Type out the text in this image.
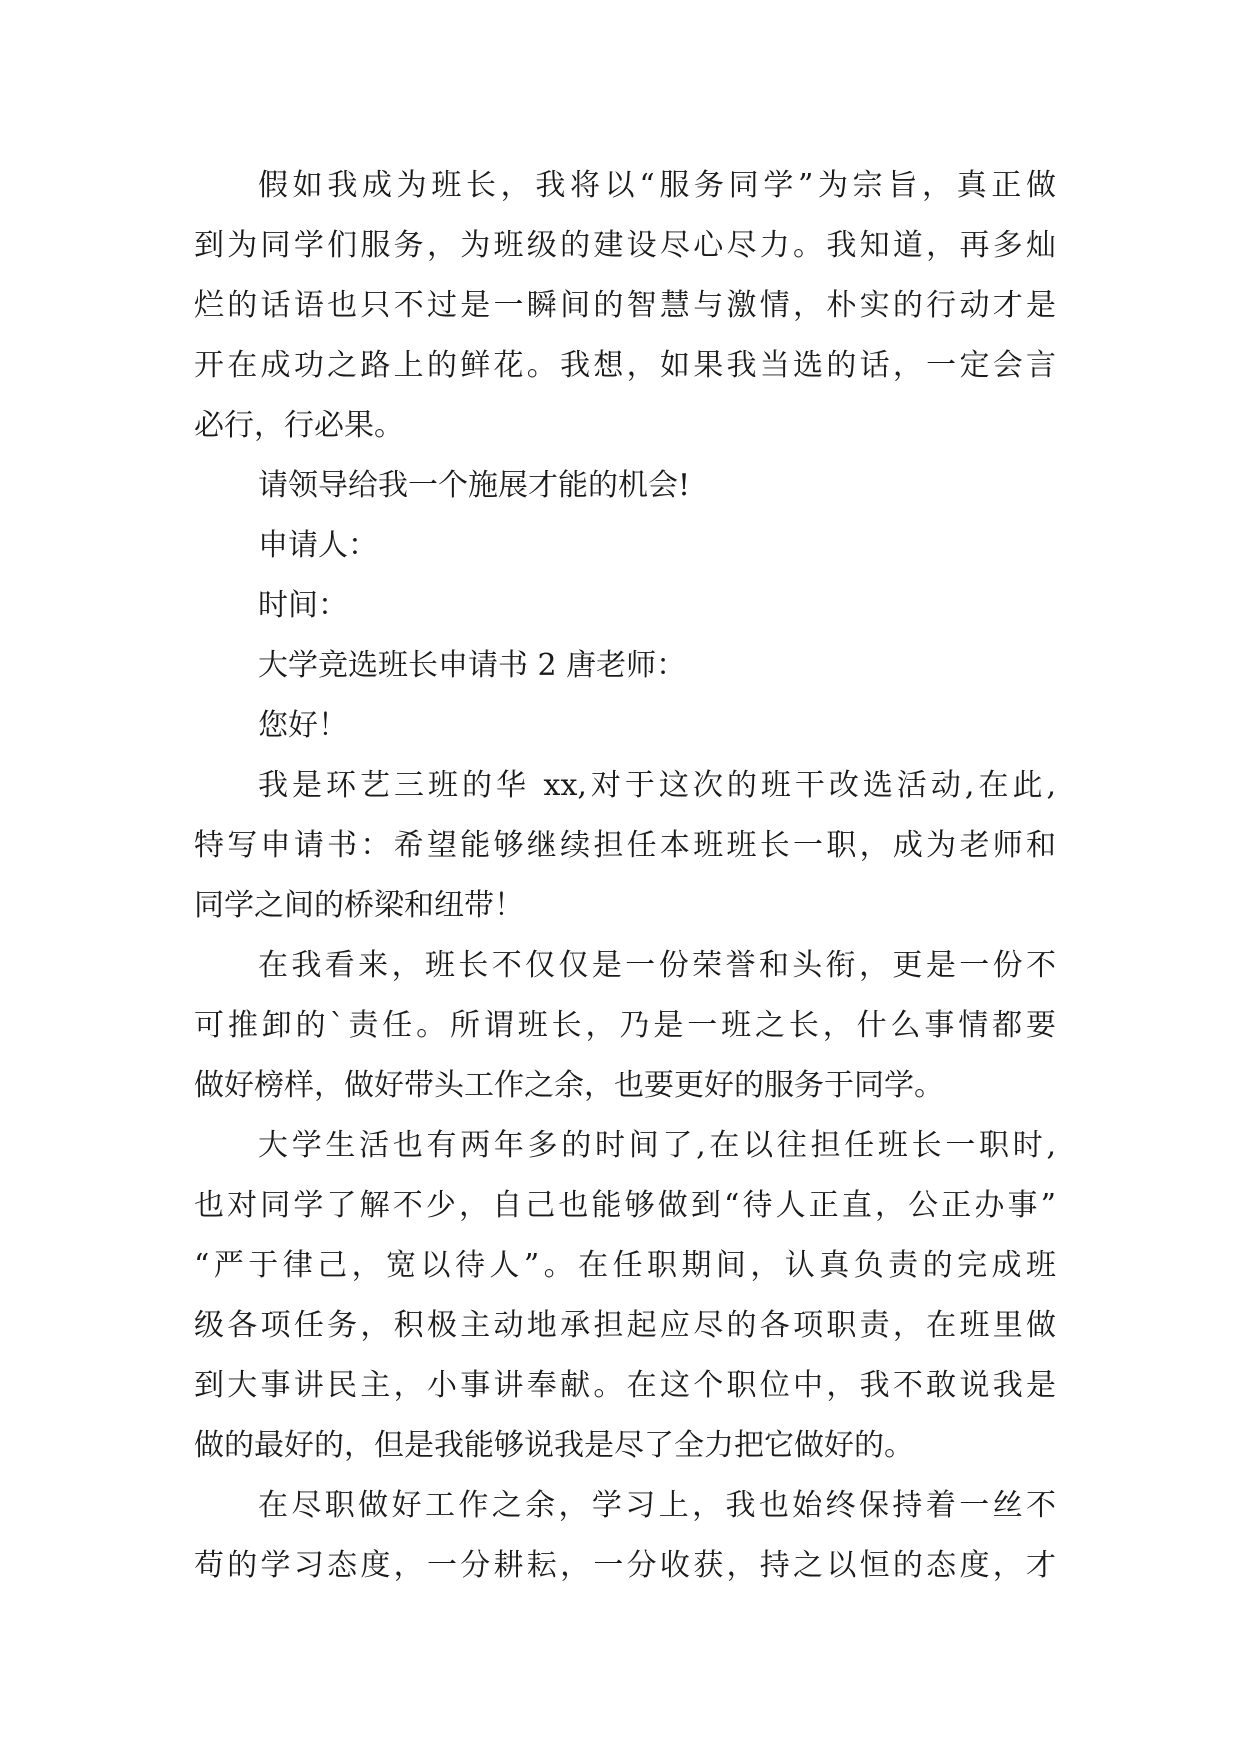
假如我成为班长，我将以“服务同学”为宗旨，真正做
到为同学们服务，为班级的建设尽心尽力。我知道，再多灿
烂的话语也只不过是一瞬间的智慧与激情，朴实的行动才是
开在成功之路上的鲜花。我想，如果我当选的话，一定会言
必行，行必果。
请领导给我一个施展才能的机会!
申请人：
时间：
大学竞选班长申请书 2 唐老师：
您好！
我是环艺三班的华 xx,对于这次的班干改选活动,在此,
特写申请书：希望能够继续担任本班班长一职，成为老师和
同学之间的桥梁和纽带！
在我看来，班长不仅仅是一份荣誉和头衔，更是一份不
可推卸的`责任。所谓班长，乃是一班之长，什么事情都要
做好榜样，做好带头工作之余，也要更好的服务于同学。
大学生活也有两年多的时间了,在以往担任班长一职时,
也对同学了解不少，自己也能够做到“待人正直，公正办事”
“严于律己，宽以待人”。在任职期间，认真负责的完成班
级各项任务，积极主动地承担起应尽的各项职责，在班里做
到大事讲民主，小事讲奉献。在这个职位中，我不敢说我是
做的最好的，但是我能够说我是尽了全力把它做好的。
在尽职做好工作之余，学习上，我也始终保持着一丝不
苟的学习态度，一分耕耘，一分收获，持之以恒的态度，才
